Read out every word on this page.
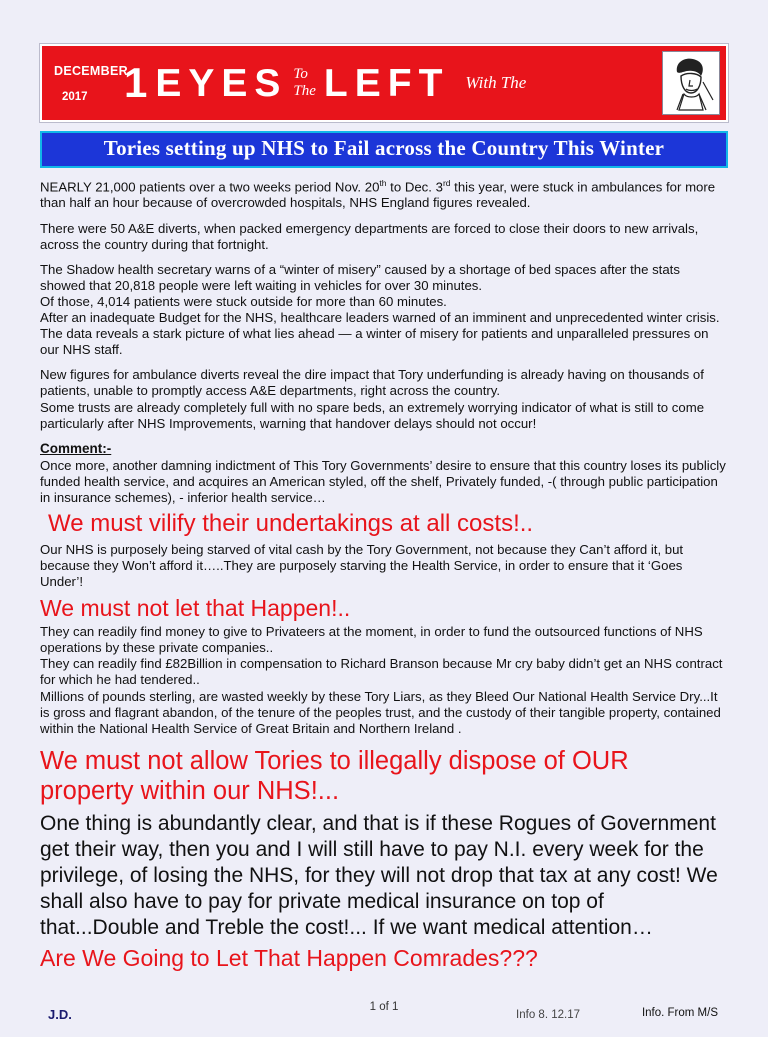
DECEMBER
2017 1 EYES To
The LEFT With The
Tories setting up NHS to Fail across the Country This Winter

NEARLY 21,000 patients over a two weeks period Nov. 20th to Dec. 3rd this year, were stuck in ambulances for more than half an hour because of overcrowded hospitals, NHS England figures revealed.

There were 50 A&E diverts, when packed emergency departments are forced to close their doors to new arrivals, across the country during that fortnight.

The Shadow health secretary warns of a “winter of misery” caused by a shortage of bed spaces after the stats showed that 20,818 people were left waiting in vehicles for over 30 minutes.

Of those, 4,014 patients were stuck outside for more than 60 minutes.

After an inadequate Budget for the NHS, healthcare leaders warned of an imminent and unprecedented winter crisis.

The data reveals a stark picture of what lies ahead — a winter of misery for patients and unparalleled pressures on our NHS staff.

New figures for ambulance diverts reveal the dire impact that Tory underfunding is already having on thousands of patients, unable to promptly access A&E departments, right across the country.

Some trusts are already completely full with no spare beds, an extremely worrying indicator of what is still to come particularly after NHS Improvements, warning that handover delays should not occur!

Comment:-

Once more, another damning indictment of This Tory Governments’ desire to ensure that this country loses its publicly funded health service, and acquires an American styled, off the shelf, Privately funded, -( through public participation in insurance schemes), - inferior health service…

We must vilify their undertakings at all costs!..

Our NHS is purposely being starved of vital cash by the Tory Government, not because they Can’t afford it, but because they Won’t afford it…..They are purposely starving the Health Service, in order to ensure that it ‘Goes Under’!

We must not let that Happen!..

They can readily find money to give to Privateers at the moment, in order to fund the outsourced functions of NHS operations by these private companies..

They can readily find £82Billion in compensation to Richard Branson because Mr cry baby didn’t get an NHS contract for which he had tendered..

Millions of pounds sterling, are wasted weekly by these Tory Liars, as they Bleed Our National Health Service Dry...It is gross and flagrant abandon, of the tenure of the peoples trust, and the custody of their tangible property, contained within the National Health Service of Great Britain and Northern Ireland .

We must not allow Tories to illegally dispose of OUR property within our NHS!...
One thing is abundantly clear, and that is if these Rogues of Government get their way, then you and I will still have to pay N.I. every week for the privilege, of losing the NHS, for they will not drop that tax at any cost! We shall also have to pay for private medical insurance on top of that...Double and Treble the cost!... If we want medical attention…
Are We Going to Let That Happen Comrades???
J.D.	1 of 1
Info 8. 12.17	Info. From M/S
